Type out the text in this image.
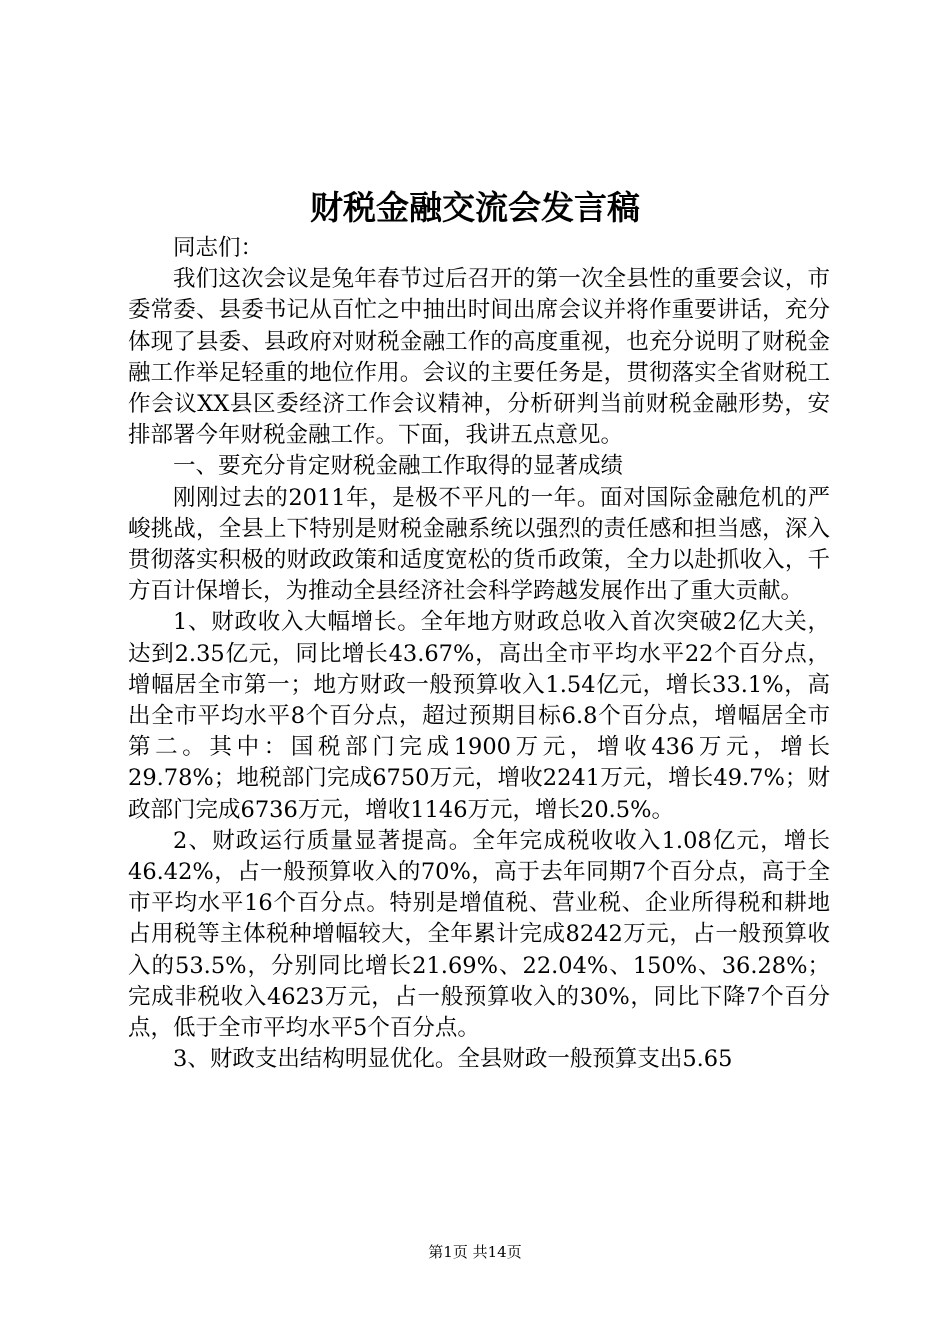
财税金融交流会发言稿

同志们：

我们这次会议是兔年春节过后召开的第一次全县性的重要会议，市委常委、县委书记从百忙之中抽出时间出席会议并将作重要讲话，充分体现了县委、县政府对财税金融工作的高度重视，也充分说明了财税金融工作举足轻重的地位作用。会议的主要任务是，贯彻落实全省财税工作会议XX县区委经济工作会议精神，分析研判当前财税金融形势，安排部署今年财税金融工作。下面，我讲五点意见。

一、要充分肯定财税金融工作取得的显著成绩

刚刚过去的2011年，是极不平凡的一年。面对国际金融危机的严峻挑战，全县上下特别是财税金融系统以强烈的责任感和担当感，深入贯彻落实积极的财政政策和适度宽松的货币政策，全力以赴抓收入，千方百计保增长，为推动全县经济社会科学跨越发展作出了重大贡献。

1、财政收入大幅增长。全年地方财政总收入首次突破2亿大关，达到2.35亿元，同比增长43.67%，高出全市平均水平22个百分点，增幅居全市第一；地方财政一般预算收入1.54亿元，增长33.1%，高出全市平均水平8个百分点，超过预期目标6.8个百分点，增幅居全市第二。其中：国税部门完成1900万元，增收436万元，增长29.78%；地税部门完成6750万元，增收2241万元，增长49.7%；财政部门完成6736万元，增收1146万元，增长20.5%。

2、财政运行质量显著提高。全年完成税收收入1.08亿元，增长46.42%，占一般预算收入的70%，高于去年同期7个百分点，高于全市平均水平16个百分点。特别是增值税、营业税、企业所得税和耕地占用税等主体税种增幅较大，全年累计完成8242万元，占一般预算收入的53.5%，分别同比增长21.69%、22.04%、150%、36.28%；完成非税收入4623万元，占一般预算收入的30%，同比下降7个百分点，低于全市平均水平5个百分点。

3、财政支出结构明显优化。全县财政一般预算支出5.65

第1页 共14页
